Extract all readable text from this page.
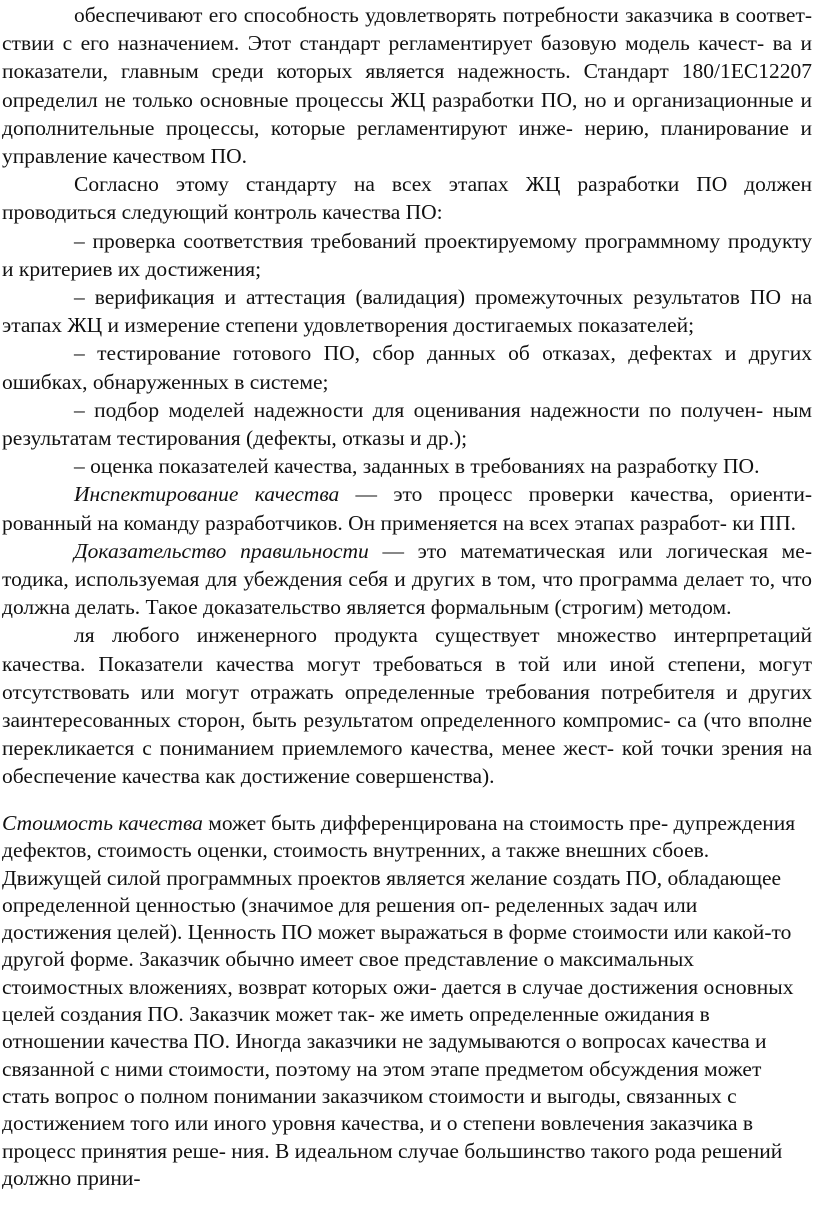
обеспечивают его способность удовлетворять потребности заказчика в соответ- ствии с его назначением. Этот стандарт регламентирует базовую модель качест- ва и показатели, главным среди которых является надежность. Стандарт 180/1ЕС12207 определил не только основные процессы ЖЦ разработки ПО, но и организационные и дополнительные процессы, которые регламентируют инже- нерию, планирование и управление качеством ПО.

Согласно этому стандарту на всех этапах ЖЦ разработки ПО должен проводиться следующий контроль качества ПО:

– проверка соответствия требований проектируемому программному продукту и критериев их достижения;

– верификация и аттестация (валидация) промежуточных результатов ПО на этапах ЖЦ и измерение степени удовлетворения достигаемых показателей;

– тестирование готового ПО, сбор данных об отказах, дефектах и других ошибках, обнаруженных в системе;

– подбор моделей надежности для оценивания надежности по получен- ным результатам тестирования (дефекты, отказы и др.);

– оценка показателей качества, заданных в требованиях на разработку ПО.

Инспектирование качества — это процесс проверки качества, ориенти- рованный на команду разработчиков. Он применяется на всех этапах разработ- ки ПП.

Доказательство правильности — это математическая или логическая ме- тодика, используемая для убеждения себя и других в том, что программа делает то, что должна делать. Такое доказательство является формальным (строгим) методом.

ля любого инженерного продукта существует множество интерпретаций качества. Показатели качества могут требоваться в той или иной степени, могут отсутствовать или могут отражать определенные требования потребителя и других заинтересованных сторон, быть результатом определенного компромис- са (что вполне перекликается с пониманием приемлемого качества, менее жест- кой точки зрения на обеспечение качества как достижение совершенства).

Стоимость качества может быть дифференцирована на стоимость пре- дупреждения дефектов, стоимость оценки, стоимость внутренних, а также внешних сбоев. Движущей силой программных проектов является желание создать ПО, обладающее определенной ценностью (значимое для решения оп- ределенных задач или достижения целей). Ценность ПО может выражаться в форме стоимости или какой-то другой форме. Заказчик обычно имеет свое представление о максимальных стоимостных вложениях, возврат которых ожи- дается в случае достижения основных целей создания ПО. Заказчик может так- же иметь определенные ожидания в отношении качества ПО. Иногда заказчики не задумываются о вопросах качества и связанной с ними стоимости, поэтому на этом этапе предметом обсуждения может стать вопрос о полном понимании заказчиком стоимости и выгоды, связанных с достижением того или иного уровня качества, и о степени вовлечения заказчика в процесс принятия реше- ния. В идеальном случае большинство такого рода решений должно прини-
